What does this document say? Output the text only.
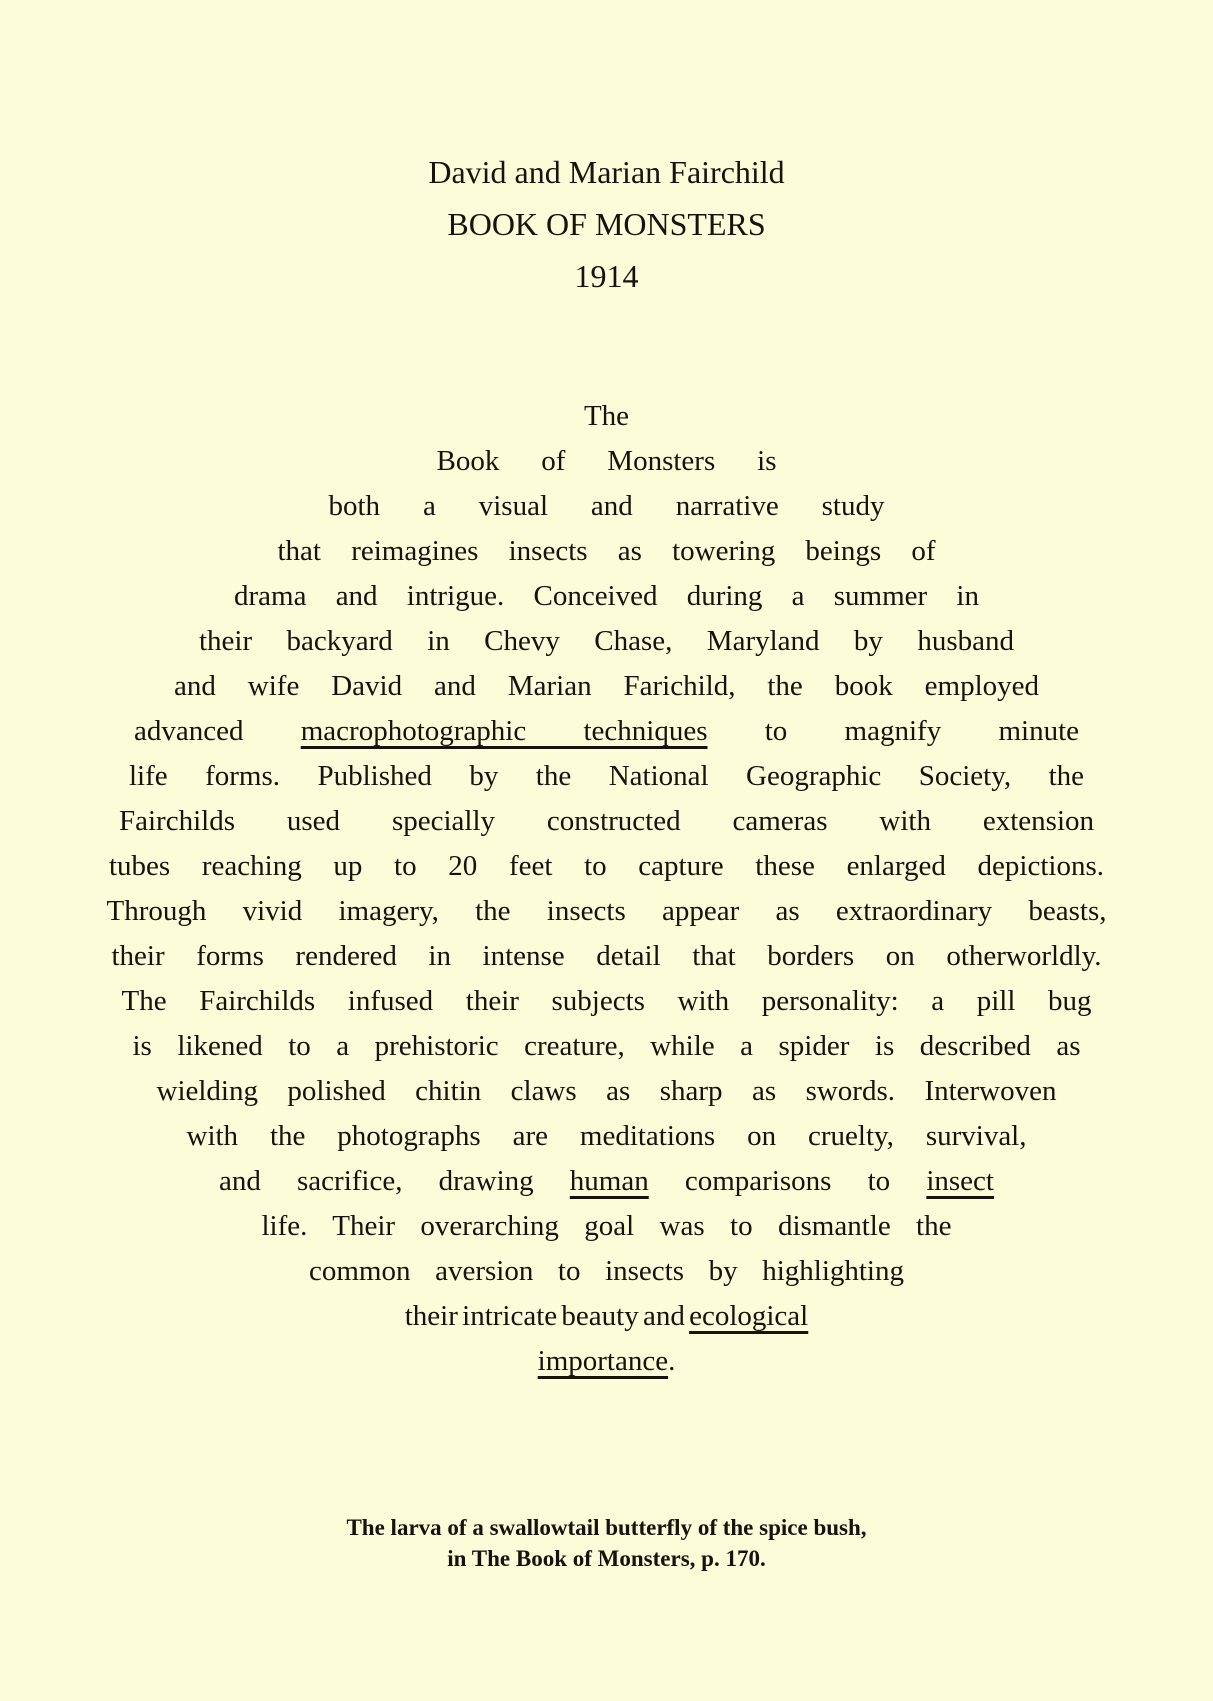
David and Marian Fairchild
BOOK OF MONSTERS
1914
The
Book of Monsters is
both a visual and narrative study
that reimagines insects as towering beings of
drama and intrigue. Conceived during a summer in
their backyard in Chevy Chase, Maryland by husband
and wife David and Marian Farichild, the book employed
advanced macrophotographic techniques to magnify minute
life forms. Published by the National Geographic Society, the
Fairchilds used specially constructed cameras with extension
tubes reaching up to 20 feet to capture these enlarged depictions.
Through vivid imagery, the insects appear as extraordinary beasts,
their forms rendered in intense detail that borders on otherworldly.
The Fairchilds infused their subjects with personality: a pill bug
is likened to a prehistoric creature, while a spider is described as
wielding polished chitin claws as sharp as swords. Interwoven
with the photographs are meditations on cruelty, survival,
and sacrifice, drawing human comparisons to insect
life. Their overarching goal was to dismantle the
common aversion to insects by highlighting
their intricate beauty and ecological
importance.
The larva of a swallowtail butterfly of the spice bush,
in The Book of Monsters, p. 170.
